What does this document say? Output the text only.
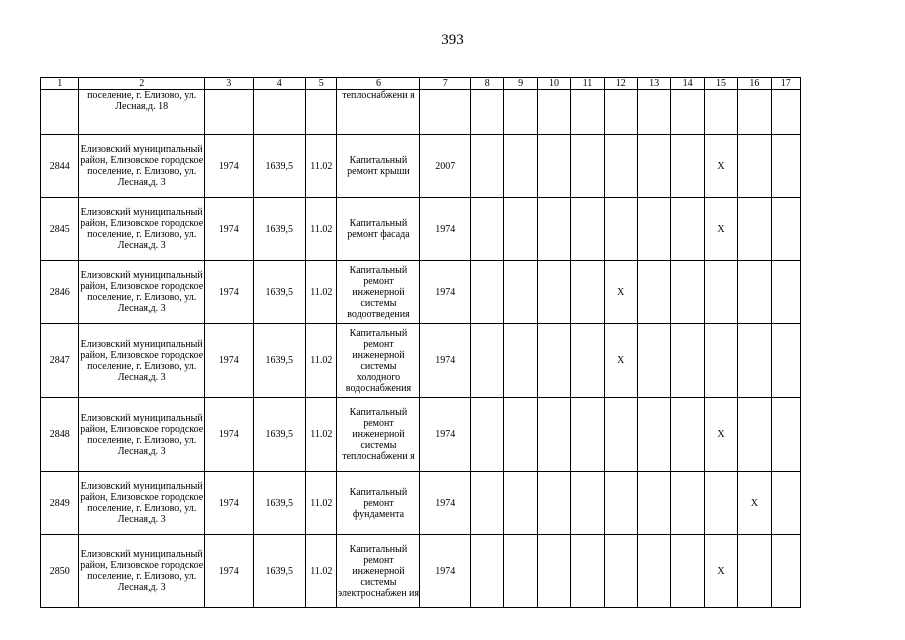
393
1	2	3	4	5	6	7	8	9	10	11	12	13	14	15	16	17
	поселение, г. Елизово, ул. Лесная,д. 18				теплоснабжени я											
2844	Елизовский муниципальный район, Елизовское городское поселение, г. Елизово, ул. Лесная,д. 3	1974	1639,5	11.02	Капитальный ремонт крыши	2007								X		
2845	Елизовский муниципальный район, Елизовское городское поселение, г. Елизово, ул. Лесная,д. 3	1974	1639,5	11.02	Капитальный ремонт фасада	1974								X		
2846	Елизовский муниципальный район, Елизовское городское поселение, г. Елизово, ул. Лесная,д. 3	1974	1639,5	11.02	Капитальный ремонт инженерной системы водоотведения	1974					X					
2847	Елизовский муниципальный район, Елизовское городское поселение, г. Елизово, ул. Лесная,д. 3	1974	1639,5	11.02	Капитальный ремонт инженерной системы холодного водоснабжения	1974					X					
2848	Елизовский муниципальный район, Елизовское городское поселение, г. Елизово, ул. Лесная,д. 3	1974	1639,5	11.02	Капитальный ремонт инженерной системы теплоснабжени я	1974								X		
2849	Елизовский муниципальный район, Елизовское городское поселение, г. Елизово, ул. Лесная,д. 3	1974	1639,5	11.02	Капитальный ремонт фундамента	1974									X	
2850	Елизовский муниципальный район, Елизовское городское поселение, г. Елизово, ул. Лесная,д. 3	1974	1639,5	11.02	Капитальный ремонт инженерной системы электроснабжен ия	1974								X		
